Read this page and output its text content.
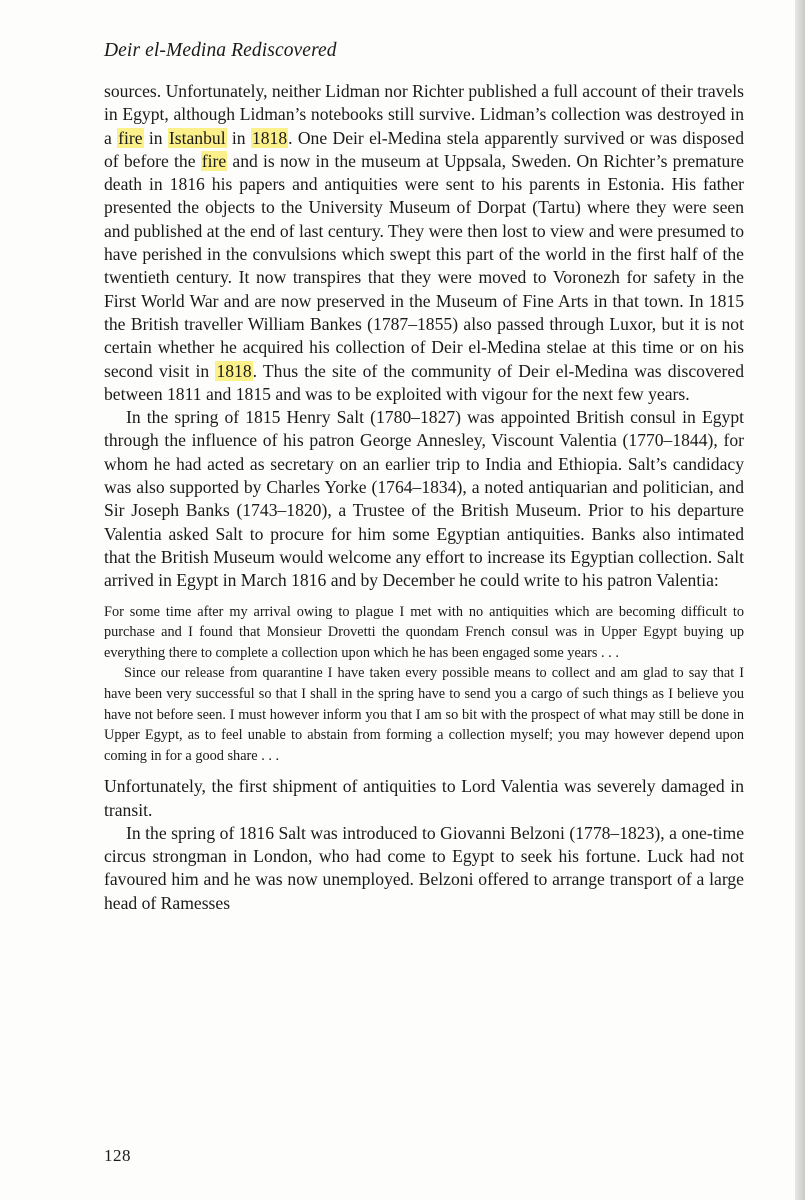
Deir el-Medina Rediscovered

sources. Unfortunately, neither Lidman nor Richter published a full account of their travels in Egypt, although Lidman’s notebooks still survive. Lidman’s collection was destroyed in a fire in Istanbul in 1818. One Deir el-Medina stela apparently survived or was disposed of before the fire and is now in the museum at Uppsala, Sweden. On Richter’s premature death in 1816 his papers and antiquities were sent to his parents in Estonia. His father presented the objects to the University Museum of Dorpat (Tartu) where they were seen and published at the end of last century. They were then lost to view and were presumed to have perished in the convulsions which swept this part of the world in the first half of the twentieth century. It now transpires that they were moved to Voronezh for safety in the First World War and are now preserved in the Museum of Fine Arts in that town. In 1815 the British traveller William Bankes (1787–1855) also passed through Luxor, but it is not certain whether he acquired his collection of Deir el-Medina stelae at this time or on his second visit in 1818. Thus the site of the community of Deir el-Medina was discovered between 1811 and 1815 and was to be exploited with vigour for the next few years.

In the spring of 1815 Henry Salt (1780–1827) was appointed British consul in Egypt through the influence of his patron George Annesley, Viscount Valentia (1770–1844), for whom he had acted as secretary on an earlier trip to India and Ethiopia. Salt’s candidacy was also supported by Charles Yorke (1764–1834), a noted antiquarian and politician, and Sir Joseph Banks (1743–1820), a Trustee of the British Museum. Prior to his departure Valentia asked Salt to procure for him some Egyptian antiquities. Banks also intimated that the British Museum would welcome any effort to increase its Egyptian collection. Salt arrived in Egypt in March 1816 and by December he could write to his patron Valentia:

For some time after my arrival owing to plague I met with no antiquities which are becoming difficult to purchase and I found that Monsieur Drovetti the quondam French consul was in Upper Egypt buying up everything there to complete a collection upon which he has been engaged some years . . .

Since our release from quarantine I have taken every possible means to collect and am glad to say that I have been very successful so that I shall in the spring have to send you a cargo of such things as I believe you have not before seen. I must however inform you that I am so bit with the prospect of what may still be done in Upper Egypt, as to feel unable to abstain from forming a collection myself; you may however depend upon coming in for a good share . . .

Unfortunately, the first shipment of antiquities to Lord Valentia was severely damaged in transit.

In the spring of 1816 Salt was introduced to Giovanni Belzoni (1778–1823), a one-time circus strongman in London, who had come to Egypt to seek his fortune. Luck had not favoured him and he was now unemployed. Belzoni offered to arrange transport of a large head of Ramesses

128
